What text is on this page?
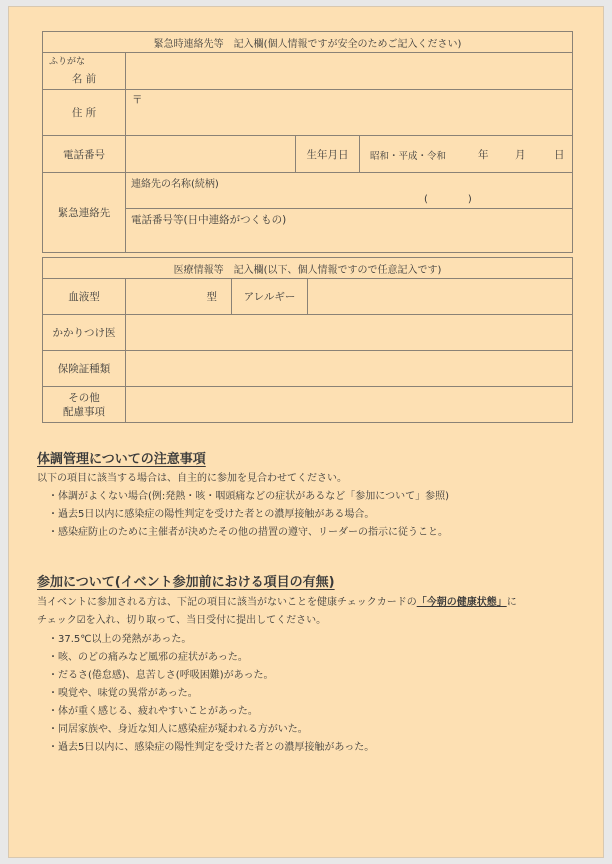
緊急時連絡先等　記入欄(個人情報ですが安全のためご記入ください)			

ふりがな
名 前			

住 所	〒		
電話番号		生年月日	昭和・平成・令和 年 月 日

緊急連絡先	連絡先の名称(続柄)
(　　　　)		

	電話番号等(日中連絡がつくもの)		
医療情報等　記入欄(以下、個人情報ですので任意記入です)			
血液型	型	アレルギー	
かかりつけ医			
保険証種類			

その他
配慮事項			

体調管理についての注意事項

以下の項目に該当する場合は、自主的に参加を見合わせてください。

・体調がよくない場合(例:発熱・咳・咽頭痛などの症状があるなど「参加について」参照)
・過去5日以内に感染症の陽性判定を受けた者との濃厚接触がある場合。
・感染症防止のために主催者が決めたその他の措置の遵守、リーダーの指示に従うこと。
参加について(イベント参加前における項目の有無)

当イベントに参加される方は、下記の項目に該当がないことを健康チェックカードの「今朝の健康状態」に

チェック☑を入れ、切り取って、当日受付に提出してください。

・37.5℃以上の発熱があった。
・咳、のどの痛みなど風邪の症状があった。
・だるさ(倦怠感)、息苦しさ(呼吸困難)があった。
・嗅覚や、味覚の異常があった。
・体が重く感じる、疲れやすいことがあった。
・同居家族や、身近な知人に感染症が疑われる方がいた。
・過去5日以内に、感染症の陽性判定を受けた者との濃厚接触があった。
